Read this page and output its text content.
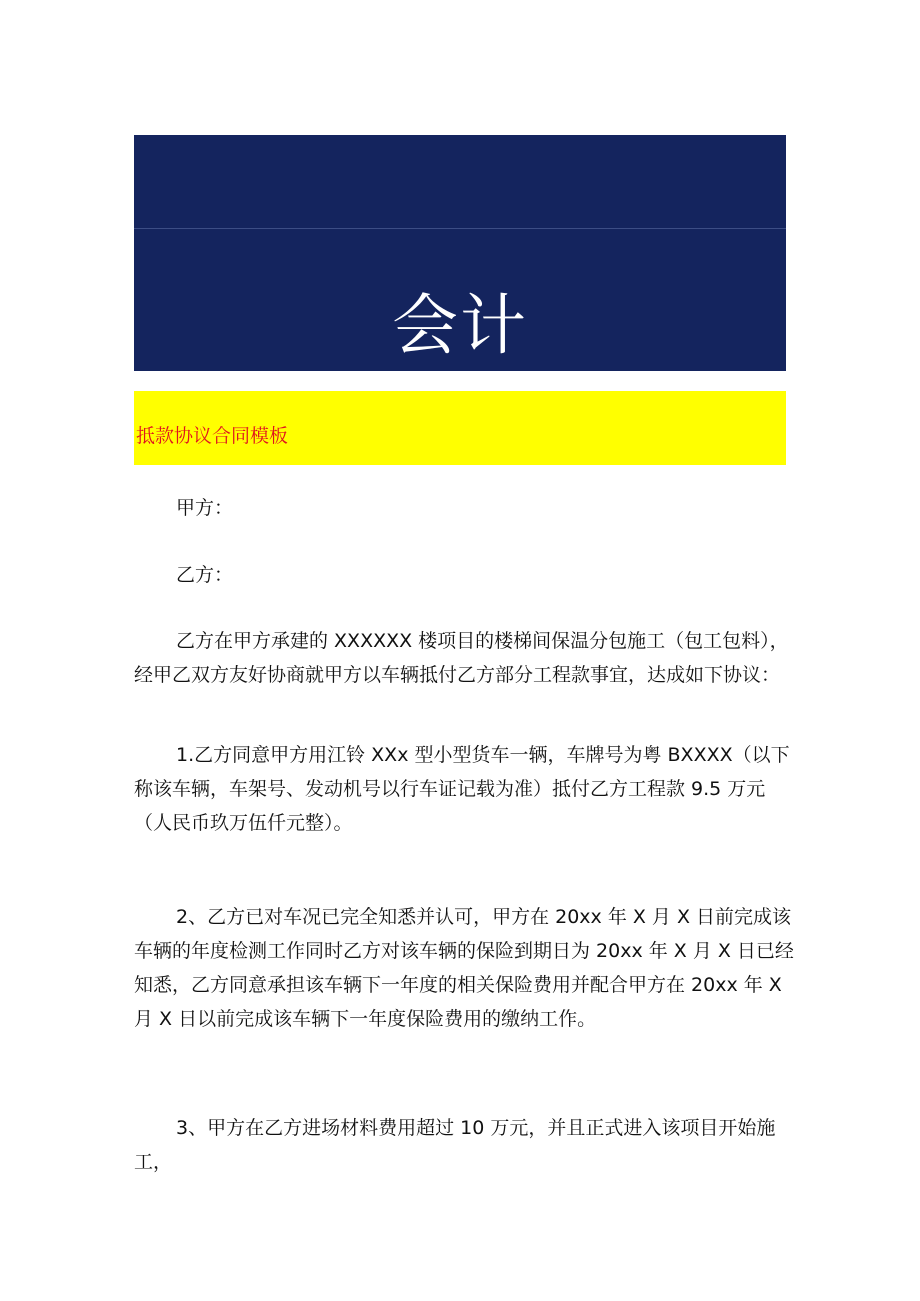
会计
抵款协议合同模板
甲方：
乙方：
乙方在甲方承建的 XXXXXX 楼项目的楼梯间保温分包施工（包工包料），经甲乙双方友好协商就甲方以车辆抵付乙方部分工程款事宜，达成如下协议：
1.乙方同意甲方用江铃 XXx 型小型货车一辆，车牌号为粤 BXXXX（以下称该车辆，车架号、发动机号以行车证记载为准）抵付乙方工程款 9.5 万元（人民币玖万伍仟元整）。
2、乙方已对车况已完全知悉并认可，甲方在 20xx 年 X 月 X 日前完成该车辆的年度检测工作同时乙方对该车辆的保险到期日为 20xx 年 X 月 X 日已经知悉，乙方同意承担该车辆下一年度的相关保险费用并配合甲方在 20xx 年 X 月 X 日以前完成该车辆下一年度保险费用的缴纳工作。
3、甲方在乙方进场材料费用超过 10 万元，并且正式进入该项目开始施工，
